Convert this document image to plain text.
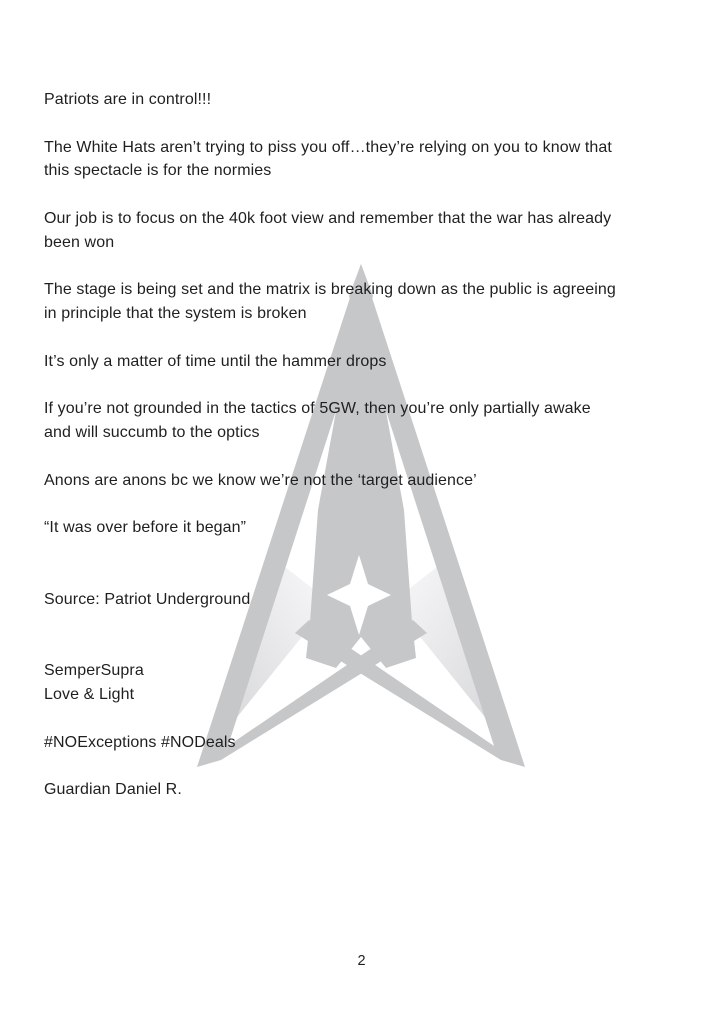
Patriots are in control!!!

The White Hats aren’t trying to piss you off…they’re relying on you to know that
this spectacle is for the normies

Our job is to focus on the 40k foot view and remember that the war has already
been won

The stage is being set and the matrix is breaking down as the public is agreeing
in principle that the system is broken

It’s only a matter of time until the hammer drops

If you’re not grounded in the tactics of 5GW, then you’re only partially awake
and will succumb to the optics

Anons are anons bc we know we’re not the ‘target audience’

“It was over before it began”

Source: Patriot Underground

SemperSupra
Love & Light

#NOExceptions #NODeals

Guardian Daniel R.
2
